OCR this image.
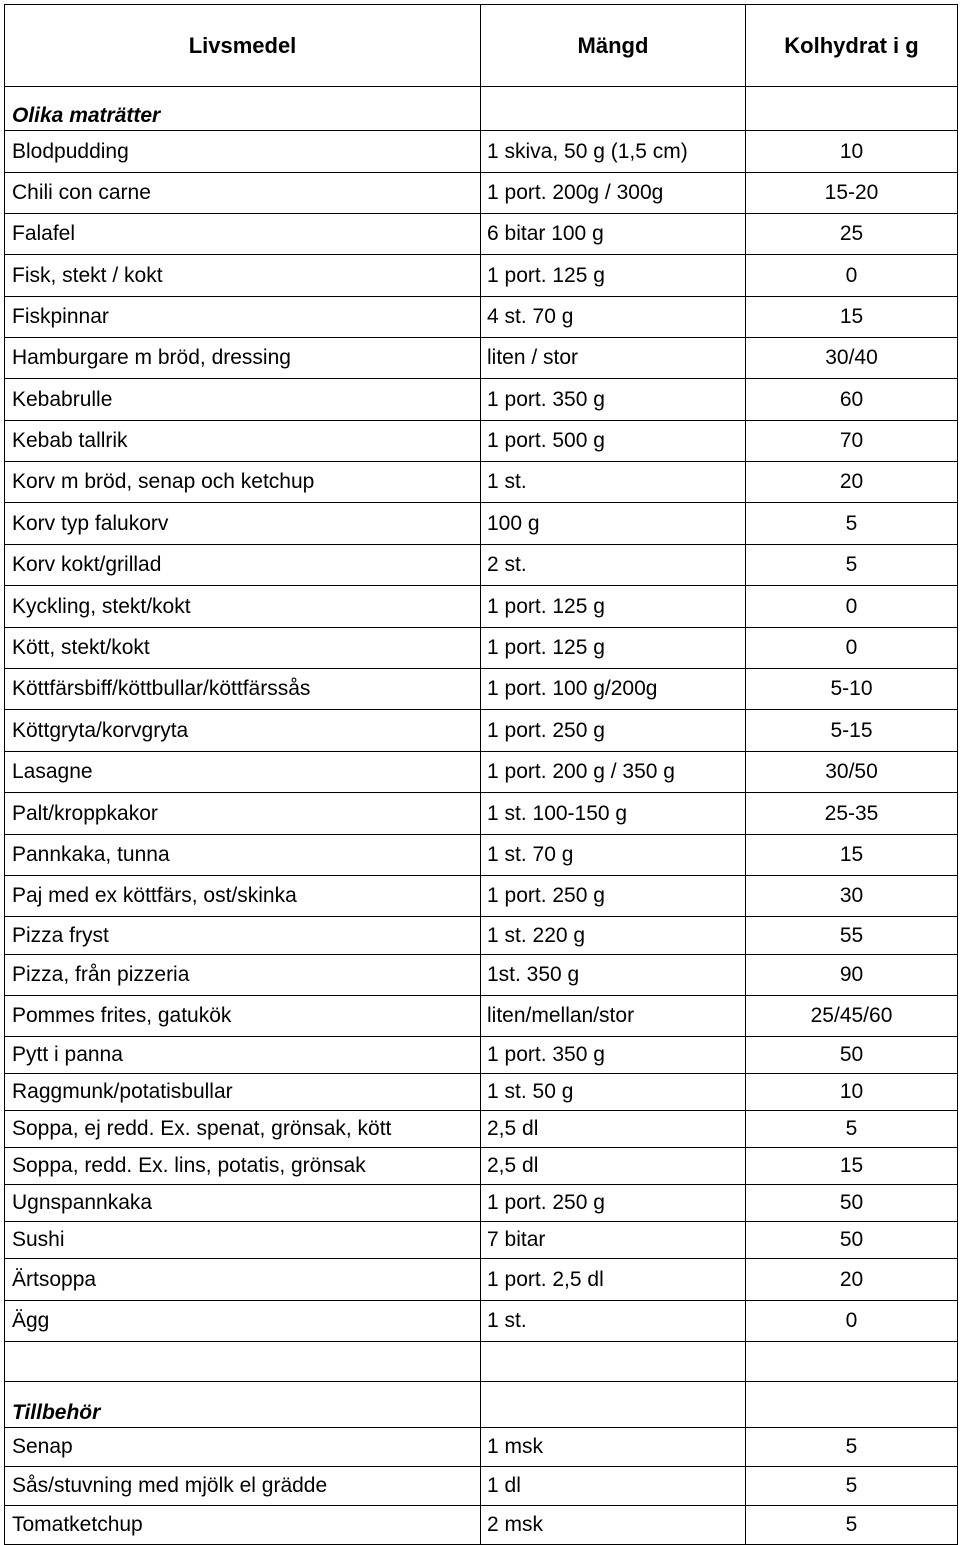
Livsmedel	Mängd	Kolhydrat i g
Olika maträtter		
Blodpudding	1 skiva, 50 g (1,5 cm)	10
Chili con carne	1 port. 200g / 300g	15-20
Falafel	6 bitar 100 g	25
Fisk, stekt / kokt	1 port. 125 g	0
Fiskpinnar	4 st. 70 g	15
Hamburgare m bröd, dressing	liten / stor	30/40
Kebabrulle	1 port. 350 g	60
Kebab tallrik	1 port. 500 g	70
Korv m bröd, senap och ketchup	1 st.	20
Korv typ falukorv	100 g	5
Korv kokt/grillad	2 st.	5
Kyckling, stekt/kokt	1 port. 125 g	0
Kött, stekt/kokt	1 port. 125 g	0
Köttfärsbiff/köttbullar/köttfärssås	1 port. 100 g/200g	5-10
Köttgryta/korvgryta	1 port. 250 g	5-15
Lasagne	1 port. 200 g / 350 g	30/50
Palt/kroppkakor	1 st. 100-150 g	25-35
Pannkaka, tunna	1 st. 70 g	15
Paj med ex köttfärs, ost/skinka	1 port. 250 g	30
Pizza fryst	1 st. 220 g	55
Pizza, från pizzeria	1st. 350 g	90
Pommes frites, gatukök	liten/mellan/stor	25/45/60
Pytt i panna	1 port. 350 g	50
Raggmunk/potatisbullar	1 st. 50 g	10
Soppa, ej redd. Ex. spenat, grönsak, kött	2,5 dl	5
Soppa, redd. Ex. lins, potatis, grönsak	2,5 dl	15
Ugnspannkaka	1 port. 250 g	50
Sushi	7 bitar	50
Ärtsoppa	1 port. 2,5 dl	20
Ägg	1 st.	0

Tillbehör		
Senap	1 msk	5
Sås/stuvning med mjölk el grädde	1 dl	5
Tomatketchup	2 msk	5
